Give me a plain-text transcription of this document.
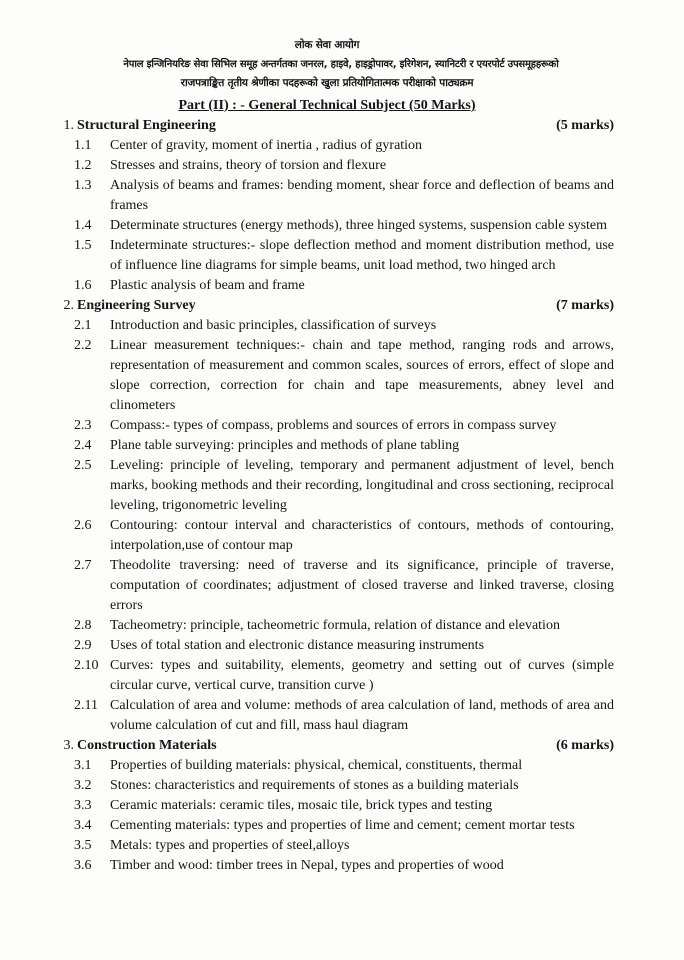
लोक सेवा आयोग
नेपाल इन्जिनियरिङ सेवा सिभिल समूह अन्तर्गतका जनरल, हाइवे, हाइड्रोपावर, इरिगेशन, स्यानिटरी र एयरपोर्ट उपसमूहहरूको
राजपत्राङ्कित तृतीय श्रेणीका पदहरूको खुला प्रतियोगितात्मक परीक्षाको पाठ्यक्रम
Part (II) : - General Technical Subject (50 Marks)
1. Structural Engineering	(5 marks)
1.1	Center of gravity, moment of inertia , radius of gyration
1.2	Stresses and strains, theory of torsion and flexure
1.3	Analysis of beams and frames: bending moment, shear force and deflection of beams and frames
1.4	Determinate structures (energy methods), three hinged systems, suspension cable system
1.5	Indeterminate structures:- slope deflection method and moment distribution method, use of influence line diagrams for simple beams, unit load method, two hinged arch
1.6	Plastic analysis of beam and frame
2. Engineering Survey	(7 marks)
2.1	Introduction and basic principles, classification of surveys
2.2	Linear measurement techniques:- chain and tape method, ranging rods and arrows, representation of measurement and common scales, sources of errors, effect of slope and slope correction, correction for chain and tape measurements, abney level and clinometers
2.3	Compass:- types of compass, problems and sources of errors in compass survey
2.4	Plane table surveying: principles and methods of plane tabling
2.5	Leveling: principle of leveling, temporary and permanent adjustment of level, bench marks, booking methods and their recording, longitudinal and cross sectioning, reciprocal leveling, trigonometric leveling
2.6	Contouring: contour interval and characteristics of contours, methods of contouring, interpolation,use of contour map
2.7	Theodolite traversing: need of traverse and its significance, principle of traverse, computation of coordinates; adjustment of closed traverse and linked traverse, closing errors
2.8	Tacheometry: principle, tacheometric formula, relation of distance and elevation
2.9	Uses of total station and electronic distance measuring instruments
2.10 Curves: types and suitability, elements, geometry and setting out of curves (simple circular curve, vertical curve, transition curve )
2.11 Calculation of area and volume: methods of area calculation of land, methods of area and volume calculation of cut and fill, mass haul diagram
3. Construction Materials	(6 marks)
3.1	Properties of building materials: physical, chemical, constituents, thermal
3.2	Stones: characteristics and requirements of stones as a building materials
3.3	Ceramic materials: ceramic tiles, mosaic tile, brick types and testing
3.4	Cementing materials: types and properties of lime and cement; cement mortar tests
3.5	Metals: types and properties of steel,alloys
3.6	Timber and wood: timber trees in Nepal, types and properties of wood
